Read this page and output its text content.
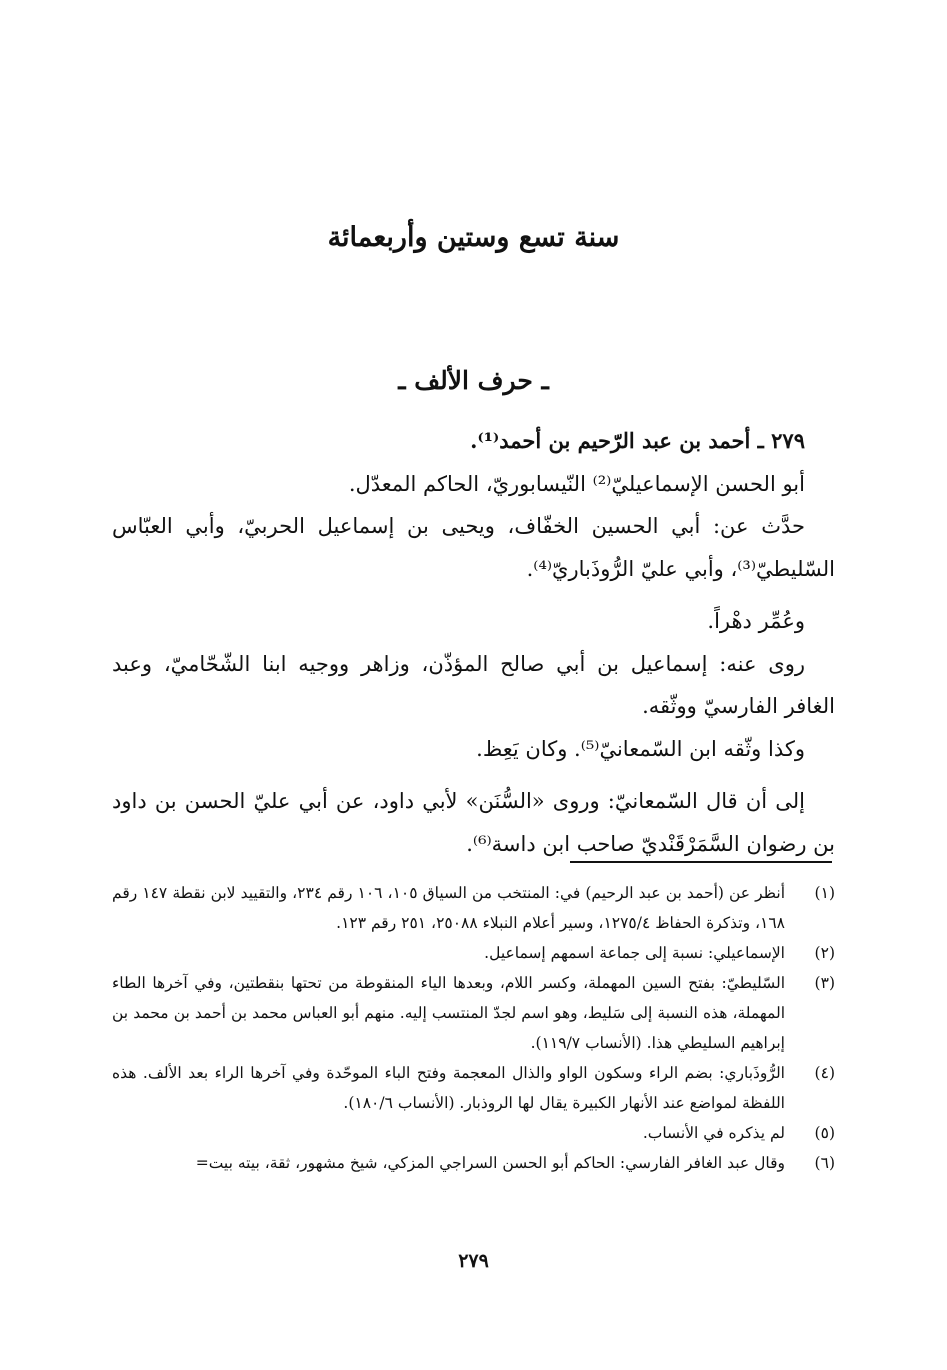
سنة تسع وستين وأربعمائة
ـ حرف الألف ـ

٢٧٩ ـ أحمد بن عبد الرّحيم بن أحمد⁽¹⁾.

أبو الحسن الإسماعيليّ⁽²⁾ النّيسابوريّ، الحاكم المعدّل.

حدَّث عن: أبي الحسين الخفّاف، ويحيى بن إسماعيل الحربيّ، وأبي العبّاس السّليطيّ⁽³⁾، وأبي عليّ الرُّوذَباريّ⁽⁴⁾.

وعُمِّر دهْراً.

روى عنه: إسماعيل بن أبي صالح المؤذّن، وزاهر ووجيه ابنا الشّحّاميّ، وعبد الغافر الفارسيّ ووثّقه.

وكذا وثّقه ابن السّمعانيّ⁽⁵⁾. وكان يَعِظ.

إلى أن قال السّمعانيّ: وروى «السُّنَن» لأبي داود، عن أبي عليّ الحسن بن داود بن رضوان السَّمَرْقَنْديّ صاحب ابن داسة⁽⁶⁾.

(١)
أنظر عن (أحمد بن عبد الرحيم) في: المنتخب من السياق ١٠٥، ١٠٦ رقم ٢٣٤، والتقييد لابن نقطة ١٤٧ رقم ١٦٨، وتذكرة الحفاظ ١٢٧٥/٤، وسير أعلام النبلاء ٢٥٠٨٨، ٢٥١ رقم ١٢٣.
(٢)
الإسماعيلي: نسبة إلى جماعة اسمهم إسماعيل.
(٣)
السّليطيّ: بفتح السين المهملة، وكسر اللام، وبعدها الياء المنقوطة من تحتها بنقطتين، وفي آخرها الطاء المهملة، هذه النسبة إلى سَليط، وهو اسم لجدّ المنتسب إليه. منهم أبو العباس محمد بن أحمد بن محمد بن إبراهيم السليطي هذا. (الأنساب ١١٩/٧).
(٤)
الرُّوذَباري: بضم الراء وسكون الواو والذال المعجمة وفتح الباء الموحّدة وفي آخرها الراء بعد الألف. هذه اللفظة لمواضع عند الأنهار الكبيرة يقال لها الروذبار. (الأنساب ١٨٠/٦).
(٥)
لم يذكره في الأنساب.
(٦)
وقال عبد الغافر الفارسي: الحاكم أبو الحسن السراجي المزكي، شيخ مشهور، ثقة، بيته بيت=
٢٧٩
